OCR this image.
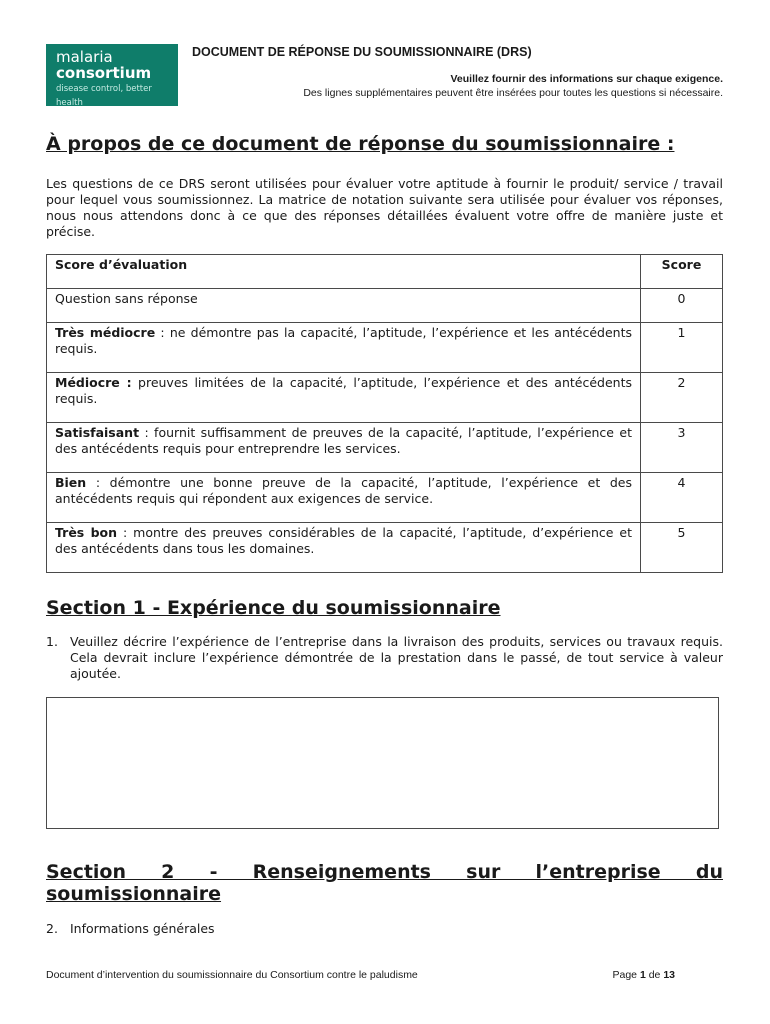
malaria
consortium
disease control, better health
DOCUMENT DE RÉPONSE DU SOUMISSIONNAIRE (DRS)
Veuillez fournir des informations sur chaque exigence.
Des lignes supplémentaires peuvent être insérées pour toutes les questions si nécessaire.
À propos de ce document de réponse du soumissionnaire :

Les questions de ce DRS seront utilisées pour évaluer votre aptitude à fournir le produit/ service / travail pour lequel vous soumissionnez. La matrice de notation suivante sera utilisée pour évaluer vos réponses, nous nous attendons donc à ce que des réponses détaillées évaluent votre offre de manière juste et précise.

Score d’évaluation	Score
Question sans réponse	0
Très médiocre : ne démontre pas la capacité, l’aptitude, l’expérience et les antécédents requis.	1
Médiocre : preuves limitées de la capacité, l’aptitude, l’expérience et des antécédents requis.	2
Satisfaisant : fournit suffisamment de preuves de la capacité, l’aptitude, l’expérience et des antécédents requis pour entreprendre les services.	3
Bien : démontre une bonne preuve de la capacité, l’aptitude, l’expérience et des antécédents requis qui répondent aux exigences de service.	4
Très bon : montre des preuves considérables de la capacité, l’aptitude, d’expérience et des antécédents dans tous les domaines.	5
Section 1 - Expérience du soumissionnaire
1. Veuillez décrire l’expérience de l’entreprise dans la livraison des produits, services ou travaux requis. Cela devrait inclure l’expérience démontrée de la prestation dans le passé, de tout service à valeur ajoutée.
Section 2 - Renseignements sur l’entreprise du soumissionnaire
2. Informations générales
Document d’intervention du soumissionnaire du Consortium contre le paludisme	Page 1 de 13
